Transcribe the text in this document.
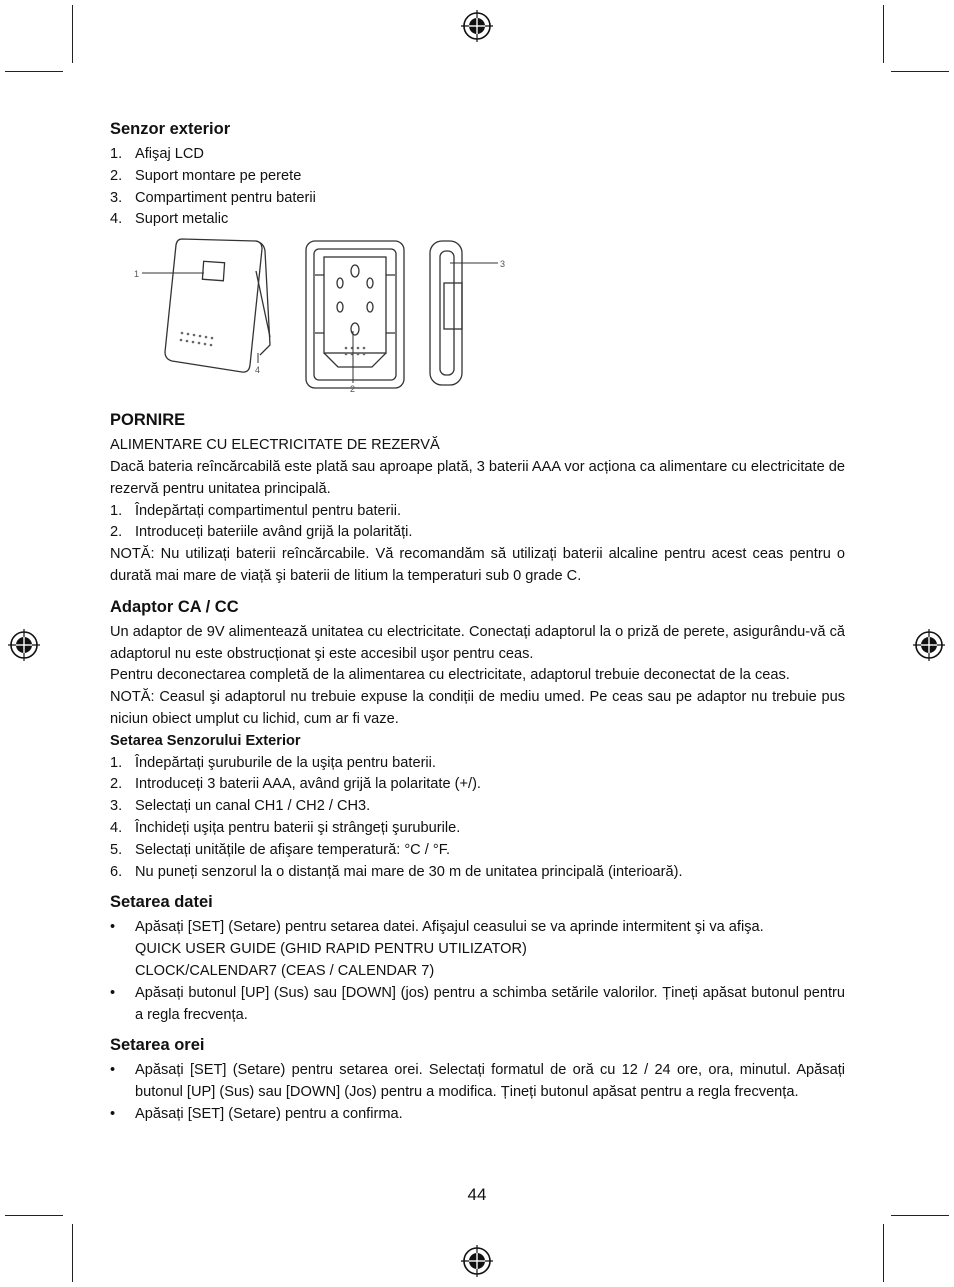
Senzor exterior
1. Afişaj LCD
2. Suport montare pe perete
3. Compartiment pentru baterii
4. Suport metalic
1
2
3
4
PORNIRE

ALIMENTARE CU ELECTRICITATE DE REZERVĂ

Dacă bateria reîncărcabilă este plată sau aproape plată, 3 baterii AAA vor acționa ca alimentare cu electricitate de rezervă pentru unitatea principală.

1. Îndepărtați compartimentul pentru baterii.
2. Introduceți bateriile având grijă la polarități.

NOTĂ: Nu utilizați baterii reîncărcabile. Vă recomandăm să utilizați baterii alcaline pentru acest ceas pentru o durată mai mare de viață şi baterii de litium la temperaturi sub 0 grade C.

Adaptor CA / CC

Un adaptor de 9V alimentează unitatea cu electricitate. Conectați adaptorul la o priză de perete, asigurându-vă că adaptorul nu este obstrucționat şi este accesibil uşor pentru ceas.

Pentru deconectarea completă de la alimentarea cu electricitate, adaptorul trebuie deconectat de la ceas.

NOTĂ: Ceasul şi adaptorul nu trebuie expuse la condiții de mediu umed. Pe ceas sau pe adaptor nu trebuie pus niciun obiect umplut cu lichid, cum ar fi vaze.

Setarea Senzorului Exterior
1. Îndepărtați şuruburile de la uşița pentru baterii.
2. Introduceți 3 baterii AAA, având grijă la polaritate (+/).
3. Selectați un canal CH1 / CH2 / CH3.
4. Închideți uşița pentru baterii şi strângeți şuruburile.
5. Selectați unitățile de afişare temperatură: °C / °F.
6. Nu puneți senzorul la o distanță mai mare de 30 m de unitatea principală (interioară).
Setarea datei
• Apăsați [SET] (Setare) pentru setarea datei. Afişajul ceasului se va aprinde intermitent şi va afişa.
QUICK USER GUIDE (GHID RAPID PENTRU UTILIZATOR)
CLOCK/CALENDAR7 (CEAS / CALENDAR 7)
• Apăsați butonul [UP] (Sus) sau [DOWN] (jos) pentru a schimba setările valorilor. Țineți apăsat butonul pentru a regla frecvența.
Setarea orei
• Apăsați [SET] (Setare) pentru setarea orei. Selectați formatul de oră cu 12 / 24 ore, ora, minutul. Apăsați butonul [UP] (Sus) sau [DOWN] (Jos) pentru a modifica. Țineți butonul apăsat pentru a regla frecvența.
• Apăsați [SET] (Setare) pentru a confirma.
44
